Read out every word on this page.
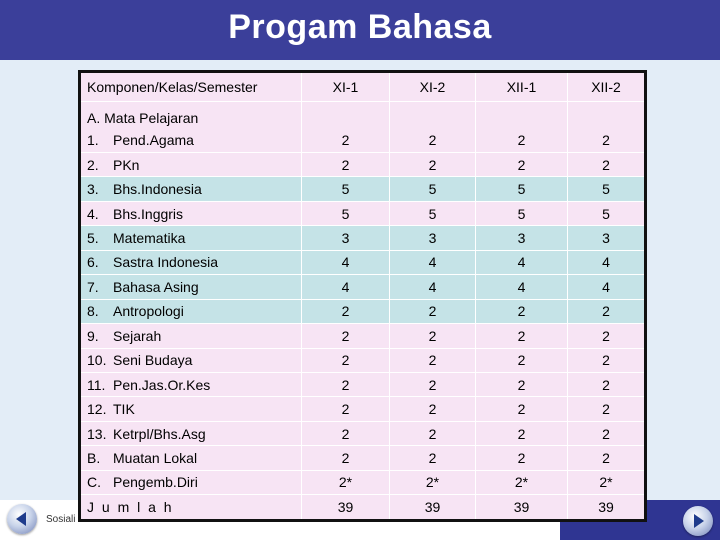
Progam Bahasa
Sosiali
Komponen/Kelas/Semester	XI-1	XI-2	XII-1	XII-2

A. Mata Pelajaran
1. Pend.Agama	2	2	2	2
2. PKn	2	2	2	2
3. Bhs.Indonesia	5	5	5	5
4. Bhs.Inggris	5	5	5	5
5. Matematika	3	3	3	3
6. Sastra Indonesia	4	4	4	4
7. Bahasa Asing	4	4	4	4
8. Antropologi	2	2	2	2
9. Sejarah	2	2	2	2
10. Seni Budaya	2	2	2	2
11. Pen.Jas.Or.Kes	2	2	2	2
12. TIK	2	2	2	2
13. Ketrpl/Bhs.Asg	2	2	2	2
B. Muatan Lokal	2	2	2	2
C. Pengemb.Diri	2*	2*	2*	2*
J u m l a h	39	39	39	39
